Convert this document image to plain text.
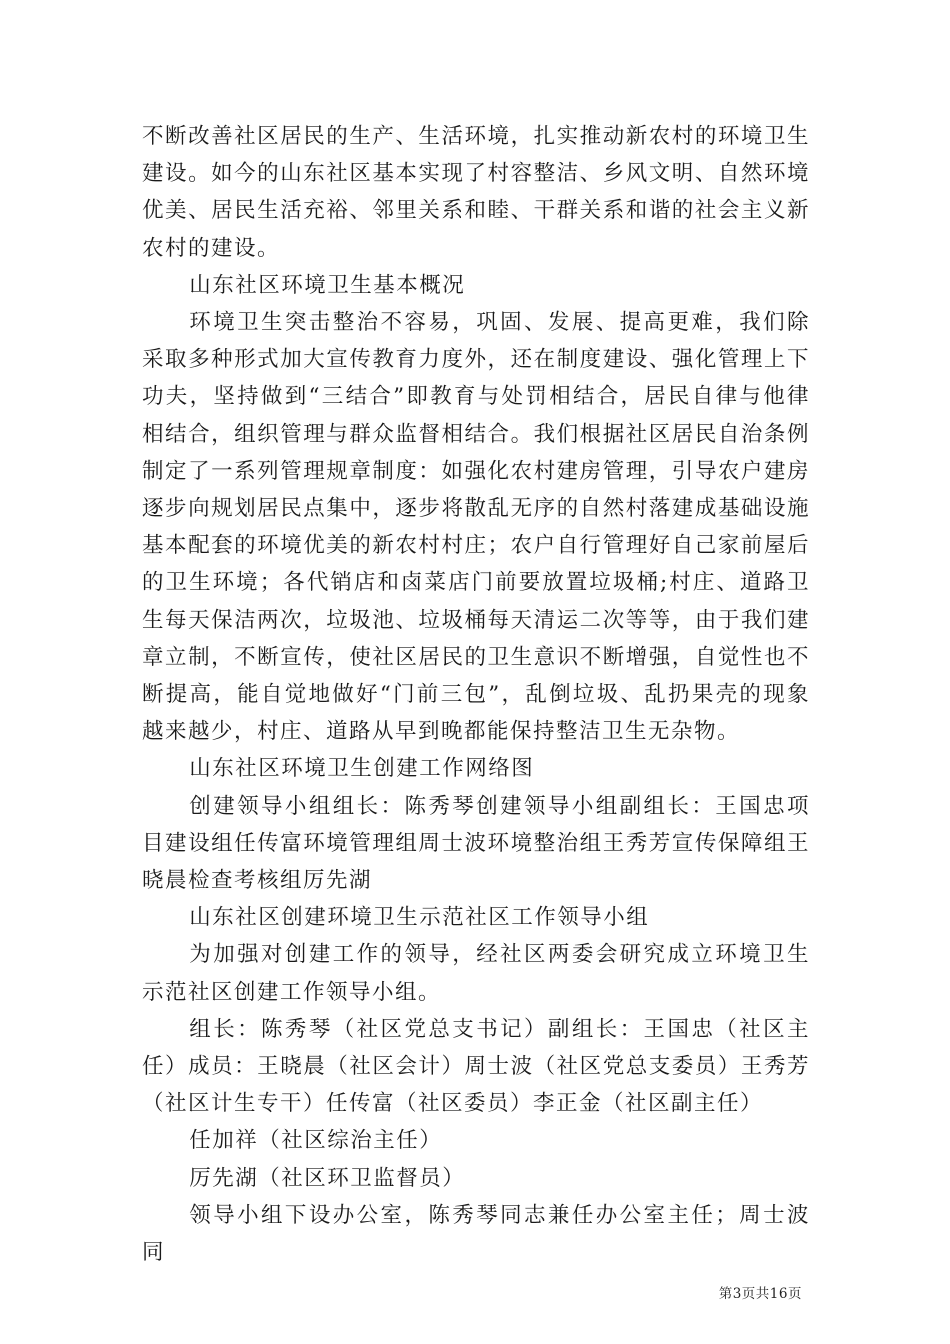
不断改善社区居民的生产、生活环境，扎实推动新农村的环境卫生建设。如今的山东社区基本实现了村容整洁、乡风文明、自然环境优美、居民生活充裕、邻里关系和睦、干群关系和谐的社会主义新农村的建设。

山东社区环境卫生基本概况

环境卫生突击整治不容易，巩固、发展、提高更难，我们除采取多种形式加大宣传教育力度外，还在制度建设、强化管理上下功夫，坚持做到“三结合”即教育与处罚相结合，居民自律与他律相结合，组织管理与群众监督相结合。我们根据社区居民自治条例制定了一系列管理规章制度：如强化农村建房管理，引导农户建房逐步向规划居民点集中，逐步将散乱无序的自然村落建成基础设施基本配套的环境优美的新农村村庄；农户自行管理好自己家前屋后的卫生环境；各代销店和卤菜店门前要放置垃圾桶;村庄、道路卫生每天保洁两次，垃圾池、垃圾桶每天清运二次等等，由于我们建章立制，不断宣传，使社区居民的卫生意识不断增强，自觉性也不断提高，能自觉地做好“门前三包”，乱倒垃圾、乱扔果壳的现象越来越少，村庄、道路从早到晚都能保持整洁卫生无杂物。

山东社区环境卫生创建工作网络图

创建领导小组组长：陈秀琴创建领导小组副组长：王国忠项目建设组任传富环境管理组周士波环境整治组王秀芳宣传保障组王晓晨检查考核组厉先湖

山东社区创建环境卫生示范社区工作领导小组

为加强对创建工作的领导，经社区两委会研究成立环境卫生示范社区创建工作领导小组。

组长：陈秀琴（社区党总支书记）副组长：王国忠（社区主任）成员：王晓晨（社区会计）周士波（社区党总支委员）王秀芳（社区计生专干）任传富（社区委员）李正金（社区副主任）

任加祥（社区综治主任）

厉先湖（社区环卫监督员）

领导小组下设办公室，陈秀琴同志兼任办公室主任；周士波同

第3页共16页
